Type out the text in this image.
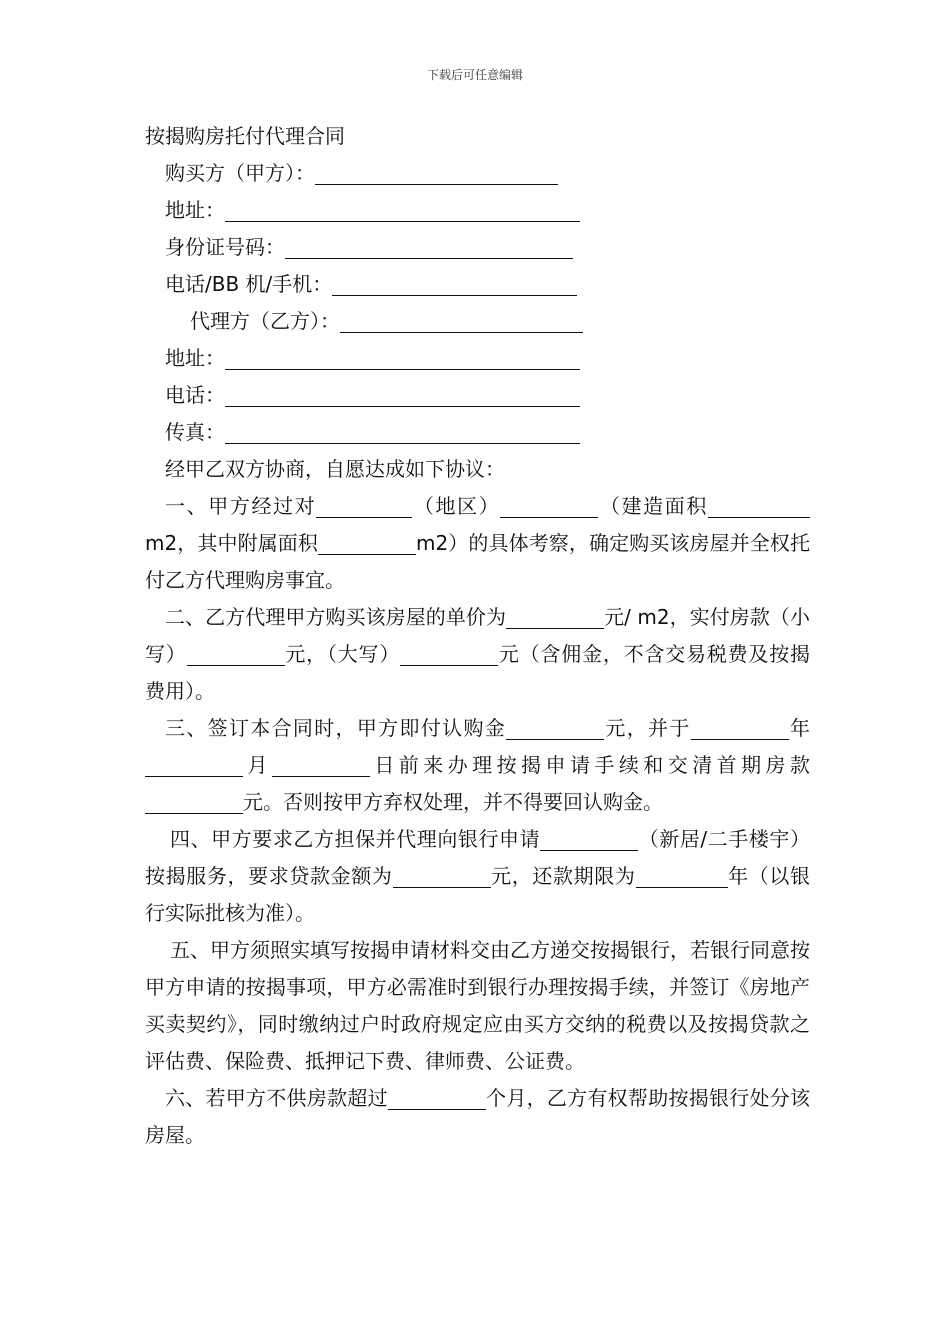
下载后可任意编辑
按揭购房托付代理合同
购买方（甲方）：
地址：
身份证号码：
电话/BB 机/手机：
代理方（乙方）：
地址：
电话：
传真：
经甲乙双方协商，自愿达成如下协议：
一、甲方经过对	（地区）	（建造面积m2，其中附属面积	m2）的具体考察，确定购买该房屋并全权托付乙方代理购房事宜。
二、乙方代理甲方购买该房屋的单价为	元/ m2，实付房款（小写）	元，（大写）	元（含佣金，不含交易税费及按揭费用）。
三、签订本合同时，甲方即付认购金	元，并于	年月	日前来办理按揭申请手续和交清首期房款元。否则按甲方弃权处理，并不得要回认购金。
四、甲方要求乙方担保并代理向银行申请	（新居/二手楼宇）按揭服务，要求贷款金额为	元，还款期限为	年（以银行实际批核为准）。
五、甲方须照实填写按揭申请材料交由乙方递交按揭银行，若银行同意按甲方申请的按揭事项，甲方必需准时到银行办理按揭手续，并签订《房地产买卖契约》，同时缴纳过户时政府规定应由买方交纳的税费以及按揭贷款之评估费、保险费、抵押记下费、律师费、公证费。
六、若甲方不供房款超过	个月，乙方有权帮助按揭银行处分该房屋。
